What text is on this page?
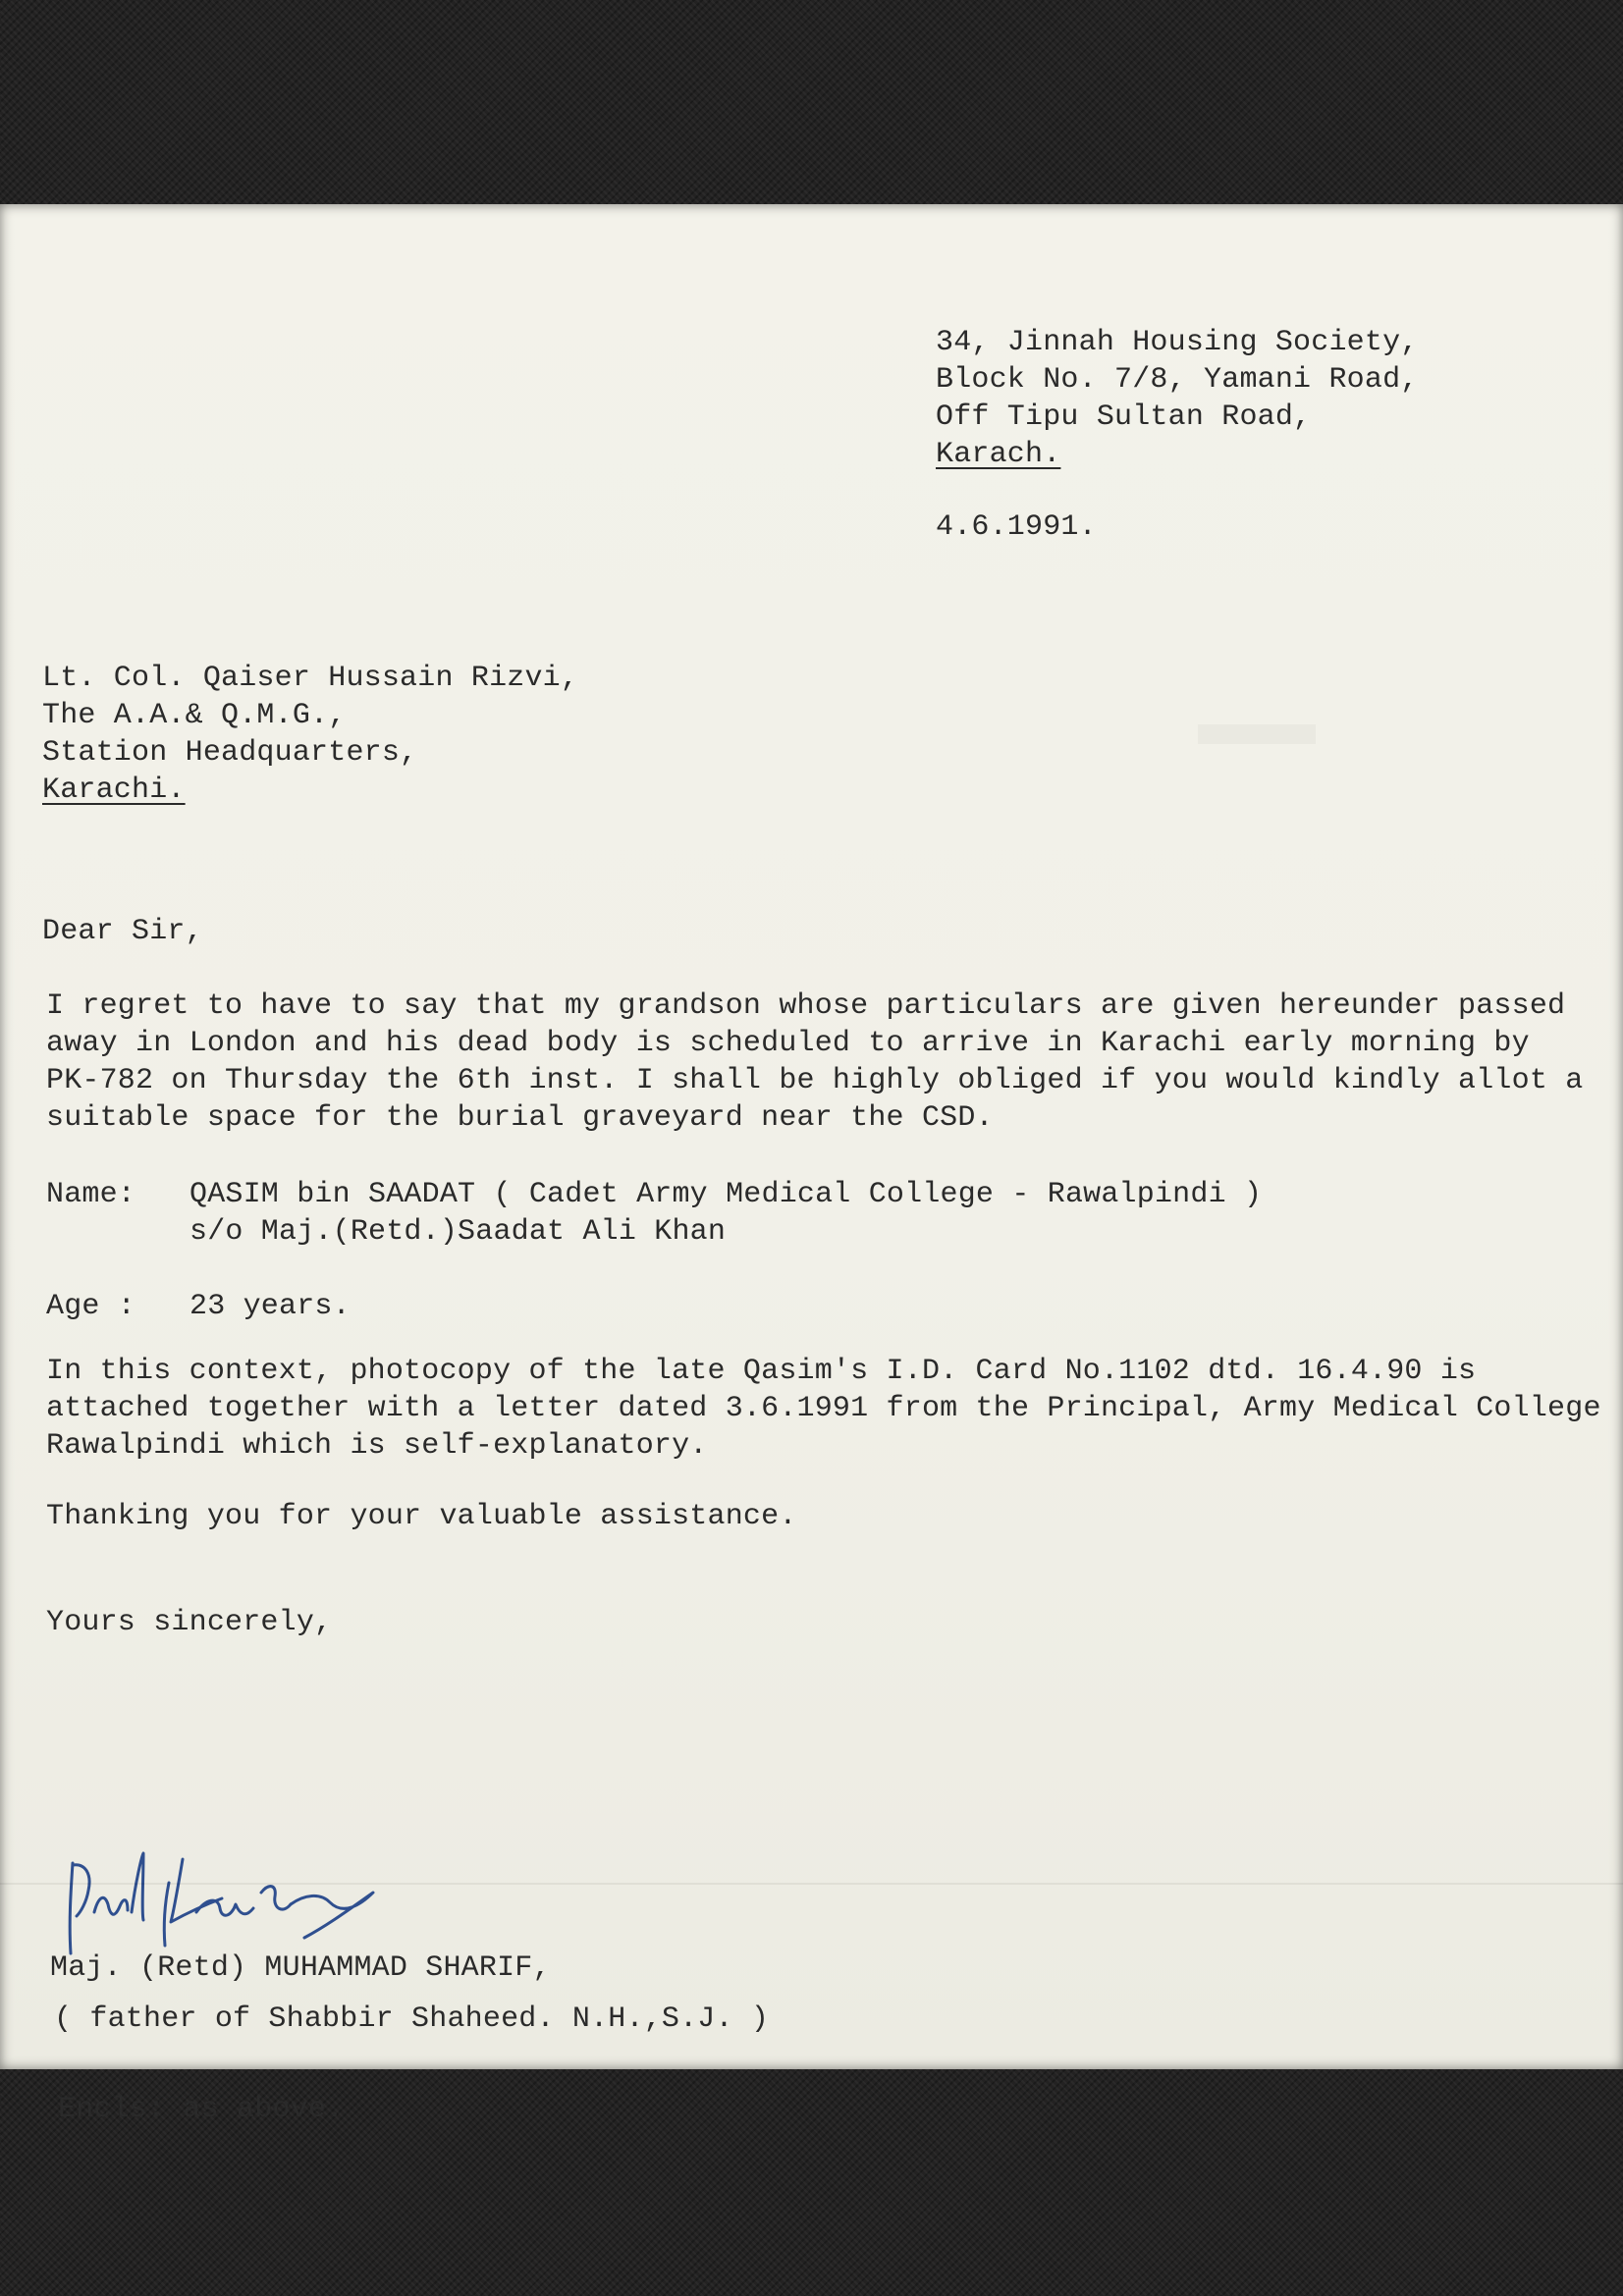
34, Jinnah Housing Society,
Block No. 7/8, Yamani Road,
Off Tipu Sultan Road,
Karach.
4.6.1991.
Lt. Col. Qaiser Hussain Rizvi,
The A.A.& Q.M.G.,
Station Headquarters,
Karachi.
Dear Sir,
I regret to have to say that my grandson whose particulars are given hereunder passed
away in London and his dead body is scheduled to arrive in Karachi early morning by
PK-782 on Thursday the 6th inst. I shall be highly obliged if you would kindly allot a
suitable space for the burial graveyard near the CSD.
Name: QASIM bin SAADAT ( Cadet Army Medical College - Rawalpindi )
s/o Maj.(Retd.)Saadat Ali Khan
Age : 23 years.
In this context, photocopy of the late Qasim's I.D. Card No.1102 dtd. 16.4.90 is
attached together with a letter dated 3.6.1991 from the Principal, Army Medical College
Rawalpindi which is self-explanatory.
Thanking you for your valuable assistance.
Yours sincerely,
Maj. (Retd) MUHAMMAD SHARIF,
( father of Shabbir Shaheed. N.H.,S.J. )
Encls: as above.
